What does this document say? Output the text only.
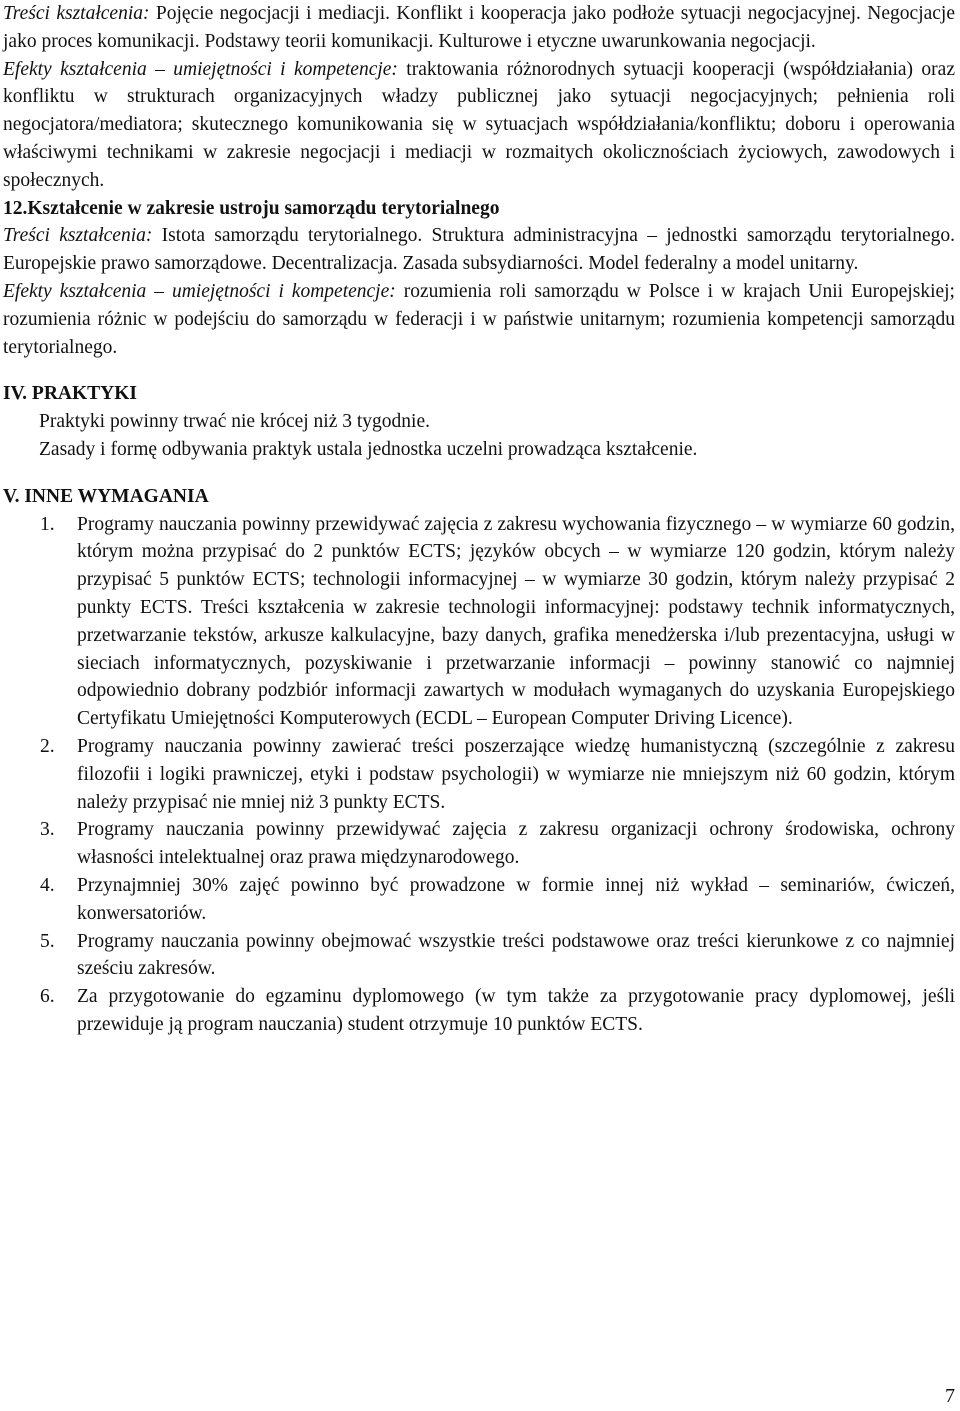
Treści kształcenia: Pojęcie negocjacji i mediacji. Konflikt i kooperacja jako podłoże sytuacji negocjacyjnej. Negocjacje jako proces komunikacji. Podstawy teorii komunikacji. Kulturowe i etyczne uwarunkowania negocjacji.

Efekty kształcenia – umiejętności i kompetencje: traktowania różnorodnych sytuacji kooperacji (współdziałania) oraz konfliktu w strukturach organizacyjnych władzy publicznej jako sytuacji negocjacyjnych; pełnienia roli negocjatora/mediatora; skutecznego komunikowania się w sytuacjach współdziałania/konfliktu; doboru i operowania właściwymi technikami w zakresie negocjacji i mediacji w rozmaitych okolicznościach życiowych, zawodowych i społecznych.

12.Kształcenie w zakresie ustroju samorządu terytorialnego

Treści kształcenia: Istota samorządu terytorialnego. Struktura administracyjna – jednostki samorządu terytorialnego. Europejskie prawo samorządowe. Decentralizacja. Zasada subsydiarności. Model federalny a model unitarny.

Efekty kształcenia – umiejętności i kompetencje: rozumienia roli samorządu w Polsce i w krajach Unii Europejskiej; rozumienia różnic w podejściu do samorządu w federacji i w państwie unitarnym; rozumienia kompetencji samorządu terytorialnego.

IV. PRAKTYKI

Praktyki powinny trwać nie krócej niż 3 tygodnie.

Zasady i formę odbywania praktyk ustala jednostka uczelni prowadząca kształcenie.

V. INNE WYMAGANIA

1. Programy nauczania powinny przewidywać zajęcia z zakresu wychowania fizycznego – w wymiarze 60 godzin, którym można przypisać do 2 punktów ECTS; języków obcych – w wymiarze 120 godzin, którym należy przypisać 5 punktów ECTS; technologii informacyjnej – w wymiarze 30 godzin, którym należy przypisać 2 punkty ECTS. Treści kształcenia w zakresie technologii informacyjnej: podstawy technik informatycznych, przetwarzanie tekstów, arkusze kalkulacyjne, bazy danych, grafika menedżerska i/lub prezentacyjna, usługi w sieciach informatycznych, pozyskiwanie i przetwarzanie informacji – powinny stanowić co najmniej odpowiednio dobrany podzbiór informacji zawartych w modułach wymaganych do uzyskania Europejskiego Certyfikatu Umiejętności Komputerowych (ECDL – European Computer Driving Licence).
2. Programy nauczania powinny zawierać treści poszerzające wiedzę humanistyczną (szczególnie z zakresu filozofii i logiki prawniczej, etyki i podstaw psychologii) w wymiarze nie mniejszym niż 60 godzin, którym należy przypisać nie mniej niż 3 punkty ECTS.
3. Programy nauczania powinny przewidywać zajęcia z zakresu organizacji ochrony środowiska, ochrony własności intelektualnej oraz prawa międzynarodowego.
4. Przynajmniej 30% zajęć powinno być prowadzone w formie innej niż wykład – seminariów, ćwiczeń, konwersatoriów.
5. Programy nauczania powinny obejmować wszystkie treści podstawowe oraz treści kierunkowe z co najmniej sześciu zakresów.
6. Za przygotowanie do egzaminu dyplomowego (w tym także za przygotowanie pracy dyplomowej, jeśli przewiduje ją program nauczania) student otrzymuje 10 punktów ECTS.
7
